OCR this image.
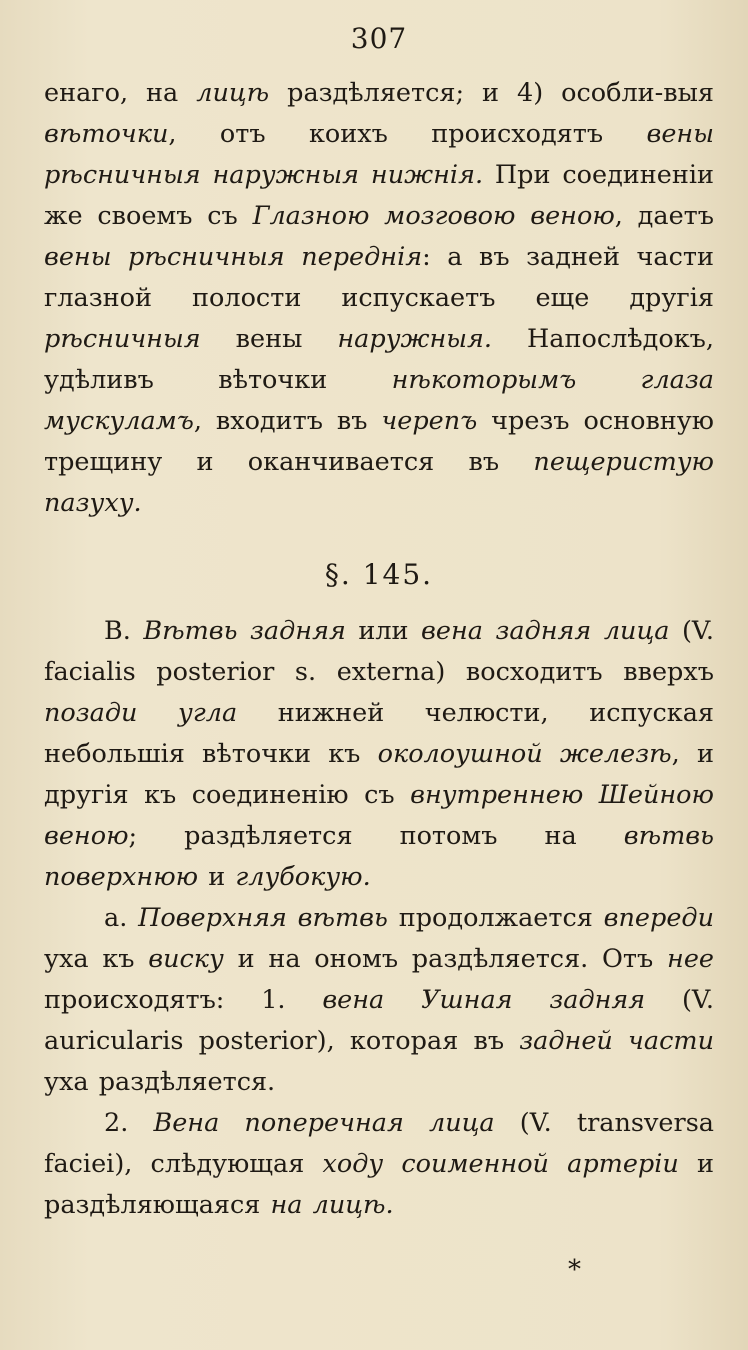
307

енаго, на лицѣ раздѣляется; и 4) особли-выя вѣточки, отъ коихъ происходятъ вены рѣсничныя наружныя нижнія. При соединеніи же своемъ съ Глазною мозговою веною, даетъ вены рѣсничныя переднія: а въ задней части глазной полости испускаетъ еще другія рѣсничныя вены наружныя. Напослѣдокъ, удѣливъ вѣточки нѣкоторымъ глаза мускуламъ, входитъ въ черепъ чрезъ основную трещину и оканчивается въ пещеристую пазуху.

§. 145.

В. Вѣтвь задняя или вена задняя лица (V. facialis posterior s. externa) восходитъ вверхъ позади угла нижней челюсти, испуская небольшія вѣточки къ околоушной железѣ, и другія къ соединенію съ внутреннею Шейною веною; раздѣляется потомъ на вѣтвь поверхнюю и глубокую.

а. Поверхняя вѣтвь продолжается впереди уха къ виску и на ономъ раздѣляется. Отъ нее происходятъ: 1. вена Ушная задняя (V. auricularis posterior), которая въ задней части уха раздѣляется.

2. Вена поперечная лица (V. transversa faciei), слѣдующая ходу соименной артеріи и раздѣляющаяся на лицѣ.

*
